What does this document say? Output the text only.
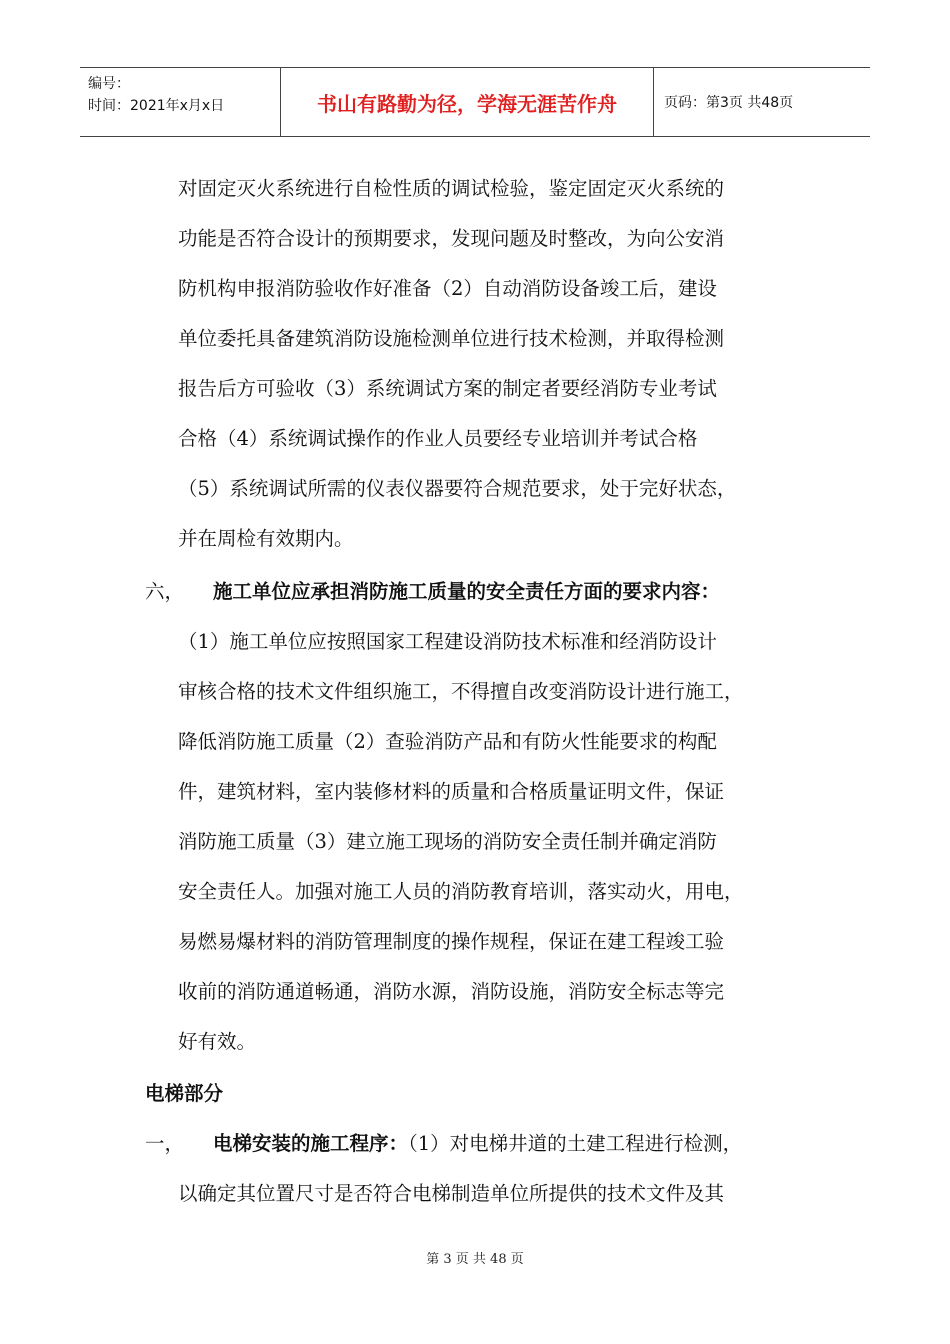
编号：
时间：2021年x月x日	书山有路勤为径，学海无涯苦作舟	页码：第3页 共48页
对固定灭火系统进行自检性质的调试检验，鉴定固定灭火系统的
功能是否符合设计的预期要求，发现问题及时整改，为向公安消
防机构申报消防验收作好准备（2）自动消防设备竣工后，建设
单位委托具备建筑消防设施检测单位进行技术检测，并取得检测
报告后方可验收（3）系统调试方案的制定者要经消防专业考试
合格（4）系统调试操作的作业人员要经专业培训并考试合格
（5）系统调试所需的仪表仪器要符合规范要求，处于完好状态，
并在周检有效期内。
六， 施工单位应承担消防施工质量的安全责任方面的要求内容：
（1）施工单位应按照国家工程建设消防技术标准和经消防设计
审核合格的技术文件组织施工，不得擅自改变消防设计进行施工，
降低消防施工质量（2）查验消防产品和有防火性能要求的构配
件，建筑材料，室内装修材料的质量和合格质量证明文件，保证
消防施工质量（3）建立施工现场的消防安全责任制并确定消防
安全责任人。加强对施工人员的消防教育培训，落实动火，用电，
易燃易爆材料的消防管理制度的操作规程，保证在建工程竣工验
收前的消防通道畅通，消防水源，消防设施，消防安全标志等完
好有效。
电梯部分
一， 电梯安装的施工程序：（1）对电梯井道的土建工程进行检测，
以确定其位置尺寸是否符合电梯制造单位所提供的技术文件及其
第 3 页 共 48 页
